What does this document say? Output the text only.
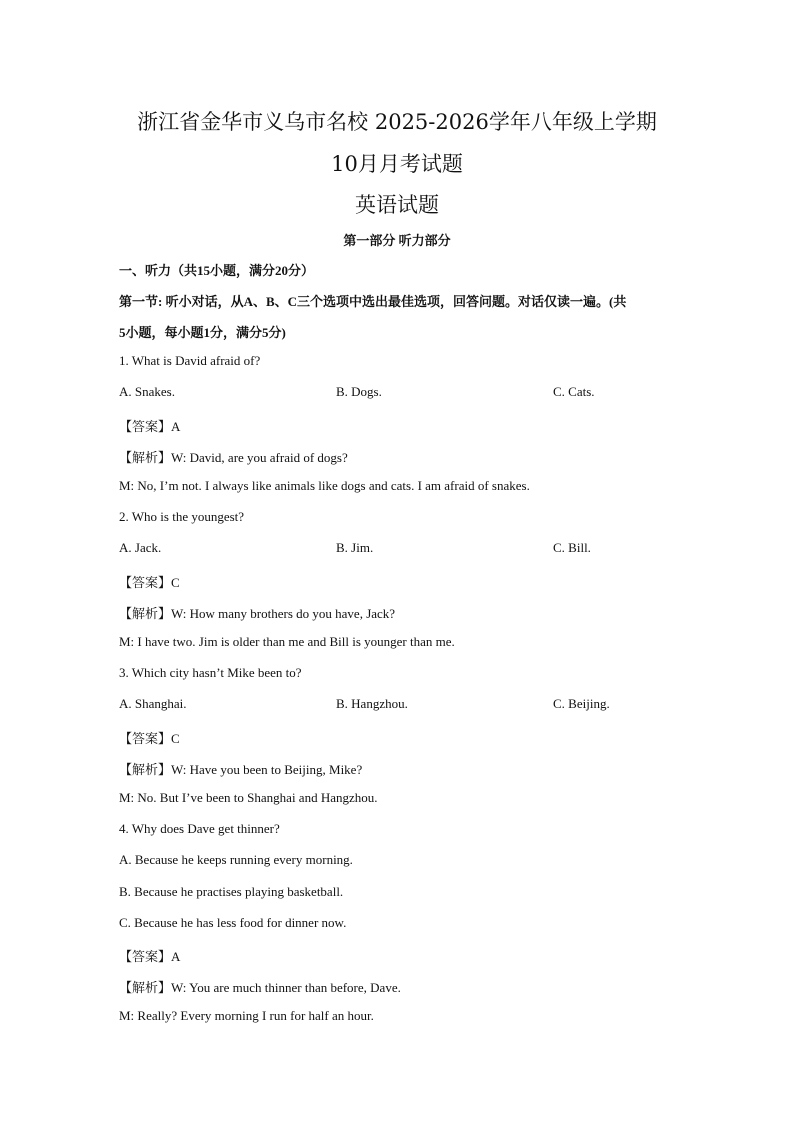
浙江省金华市义乌市名校 2025-2026学年八年级上学期
10月月考试题
英语试题
第一部分 听力部分
一、听力（共15小题，满分20分）
第一节: 听小对话，从A、B、C三个选项中选出最佳选项，回答问题。对话仅读一遍。(共
5小题，每小题1分，满分5分)
1. What is David afraid of?
A. Snakes.	B. Dogs.	C. Cats.
【答案】A
【解析】W: David, are you afraid of dogs?
M: No, I’m not. I always like animals like dogs and cats. I am afraid of snakes.
2. Who is the youngest?
A. Jack.	B. Jim.	C. Bill.
【答案】C
【解析】W: How many brothers do you have, Jack?
M: I have two. Jim is older than me and Bill is younger than me.
3. Which city hasn’t Mike been to?
A. Shanghai.	B. Hangzhou.	C. Beijing.
【答案】C
【解析】W: Have you been to Beijing, Mike?
M: No. But I’ve been to Shanghai and Hangzhou.
4. Why does Dave get thinner?
A. Because he keeps running every morning.
B. Because he practises playing basketball.
C. Because he has less food for dinner now.
【答案】A
【解析】W: You are much thinner than before, Dave.
M: Really? Every morning I run for half an hour.
